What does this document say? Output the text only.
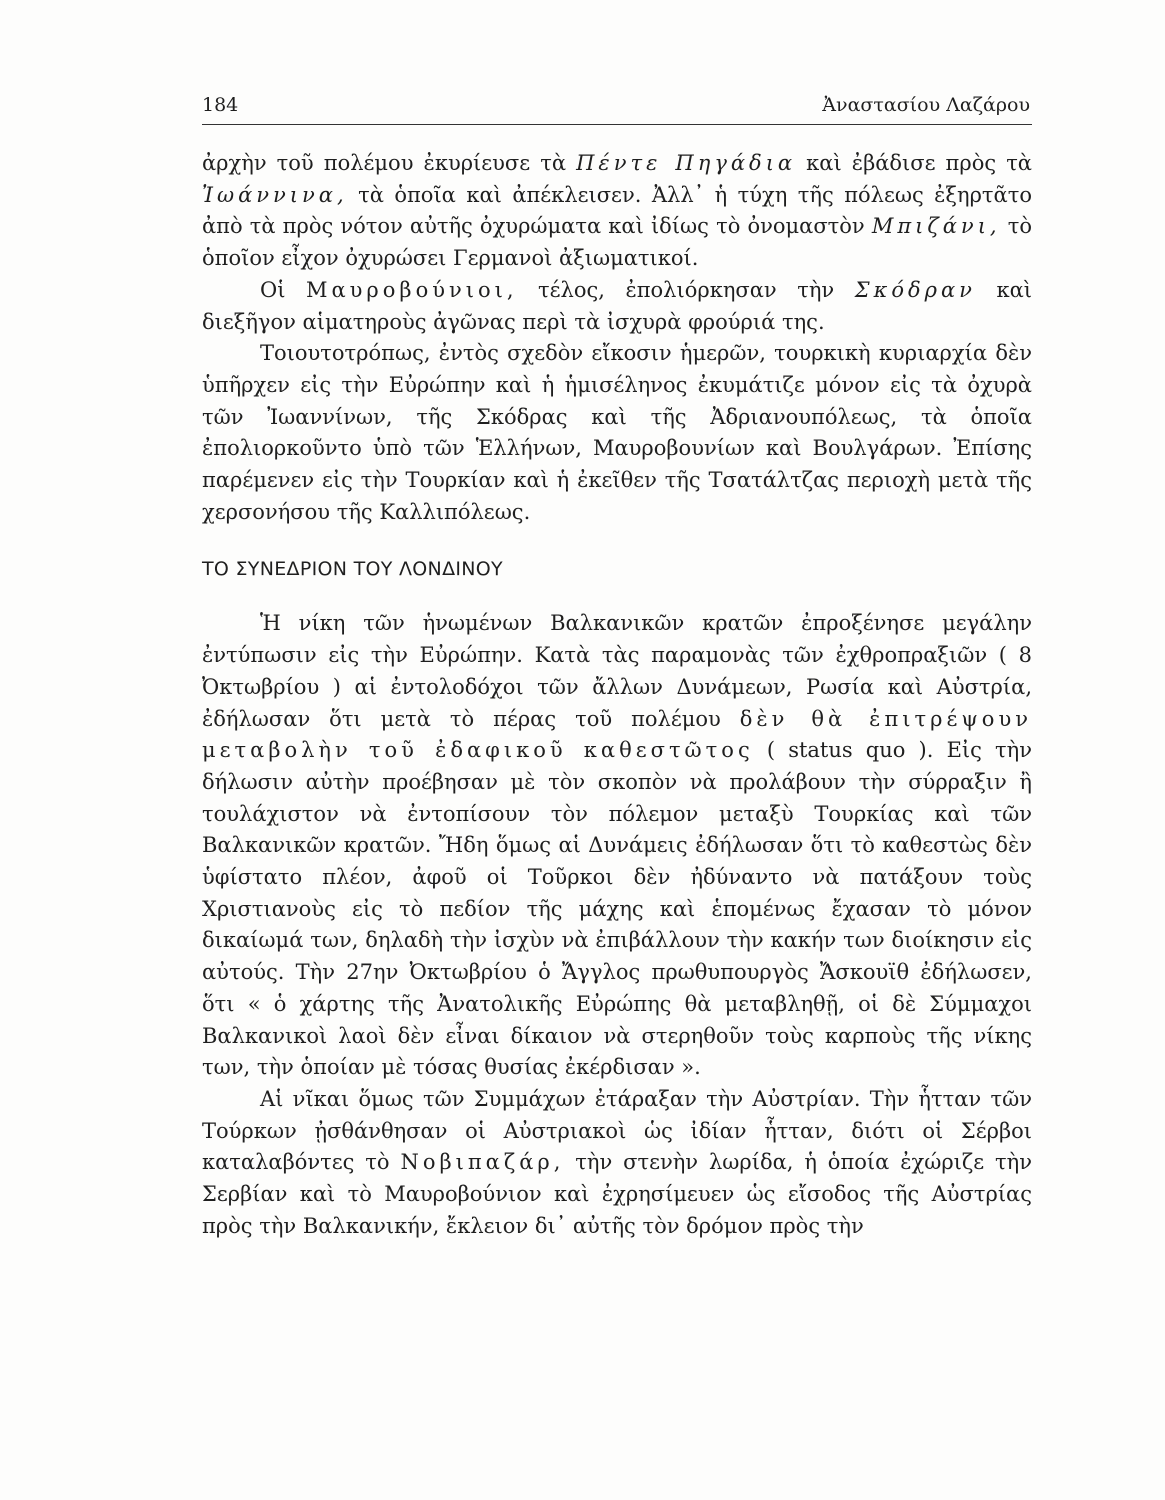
184	Ἀναστασίου Λαζάρου

ἀρχὴν τοῦ πολέμου ἐκυρίευσε τὰ Πέντε Πηγάδια καὶ ἐβάδισε πρὸς τὰ Ἰωάννινα, τὰ ὁποῖα καὶ ἀπέκλεισεν. Ἀλλ᾽ ἡ τύχη τῆς πόλεως ἐξηρτᾶτο ἀπὸ τὰ πρὸς νότον αὐτῆς ὀχυρώματα καὶ ἰδίως τὸ ὀνομαστὸν Μπιζάνι, τὸ ὁποῖον εἶχον ὀχυρώσει Γερμανοὶ ἀξιωματικοί.

Οἱ Μαυροβούνιοι, τέλος, ἐπολιόρκησαν τὴν Σκόδραν καὶ διεξῆγον αἱματηροὺς ἀγῶνας περὶ τὰ ἰσχυρὰ φρούριά της.

Τοιουτοτρόπως, ἐντὸς σχεδὸν εἴκοσιν ἡμερῶν, τουρκικὴ κυριαρχία δὲν ὑπῆρχεν εἰς τὴν Εὐρώπην καὶ ἡ ἡμισέληνος ἐκυμάτιζε μόνον εἰς τὰ ὀχυρὰ τῶν Ἰωαννίνων, τῆς Σκόδρας καὶ τῆς Ἀδριανουπόλεως, τὰ ὁποῖα ἐπολιορκοῦντο ὑπὸ τῶν Ἑλλήνων, Μαυροβουνίων καὶ Βουλγάρων. Ἐπίσης παρέμενεν εἰς τὴν Τουρκίαν καὶ ἡ ἐκεῖθεν τῆς Τσατάλτζας περιοχὴ μετὰ τῆς χερσονήσου τῆς Καλλιπόλεως.

ΤΟ ΣΥΝΕΔΡΙΟΝ ΤΟΥ ΛΟΝΔΙΝΟΥ

Ἡ νίκη τῶν ἡνωμένων Βαλκανικῶν κρατῶν ἐπροξένησε μεγάλην ἐντύπωσιν εἰς τὴν Εὐρώπην. Κατὰ τὰς παραμονὰς τῶν ἐχθροπραξιῶν ( 8 Ὀκτωβρίου ) αἱ ἐντολοδόχοι τῶν ἄλλων Δυνάμεων, Ρωσία καὶ Αὐστρία, ἐδήλωσαν ὅτι μετὰ τὸ πέρας τοῦ πολέμου δὲν θὰ ἐπιτρέψουν μεταβολὴν τοῦ ἐδαφικοῦ καθεστῶτος ( status quo ). Εἰς τὴν δήλωσιν αὐτὴν προέβησαν μὲ τὸν σκοπὸν νὰ προλάβουν τὴν σύρραξιν ἢ τουλάχιστον νὰ ἐντοπίσουν τὸν πόλεμον μεταξὺ Τουρκίας καὶ τῶν Βαλκανικῶν κρατῶν. Ἤδη ὅμως αἱ Δυνάμεις ἐδήλωσαν ὅτι τὸ καθεστὼς δὲν ὑφίστατο πλέον, ἀφοῦ οἱ Τοῦρκοι δὲν ἠδύναντο νὰ πατάξουν τοὺς Χριστιανοὺς εἰς τὸ πεδίον τῆς μάχης καὶ ἑπομένως ἔχασαν τὸ μόνον δικαίωμά των, δηλαδὴ τὴν ἰσχὺν νὰ ἐπιβάλλουν τὴν κακήν των διοίκησιν εἰς αὐτούς. Τὴν 27ην Ὀκτωβρίου ὁ Ἄγγλος πρωθυπουργὸς Ἄσκουϊθ ἐδήλωσεν, ὅτι « ὁ χάρτης τῆς Ἀνατολικῆς Εὐρώπης θὰ μεταβληθῇ, οἱ δὲ Σύμμαχοι Βαλκανικοὶ λαοὶ δὲν εἶναι δίκαιον νὰ στερηθοῦν τοὺς καρποὺς τῆς νίκης των, τὴν ὁποίαν μὲ τόσας θυσίας ἐκέρδισαν ».

Αἱ νῖκαι ὅμως τῶν Συμμάχων ἐτάραξαν τὴν Αὐστρίαν. Τὴν ἧτταν τῶν Τούρκων ᾐσθάνθησαν οἱ Αὐστριακοὶ ὡς ἰδίαν ἧτταν, διότι οἱ Σέρβοι καταλαβόντες τὸ Νοβιπαζάρ, τὴν στενὴν λωρίδα, ἡ ὁποία ἐχώριζε τὴν Σερβίαν καὶ τὸ Μαυροβούνιον καὶ ἐχρησίμευεν ὡς εἴσοδος τῆς Αὐστρίας πρὸς τὴν Βαλκανικήν, ἔκλειον δι᾽ αὐτῆς τὸν δρόμον πρὸς τὴν
